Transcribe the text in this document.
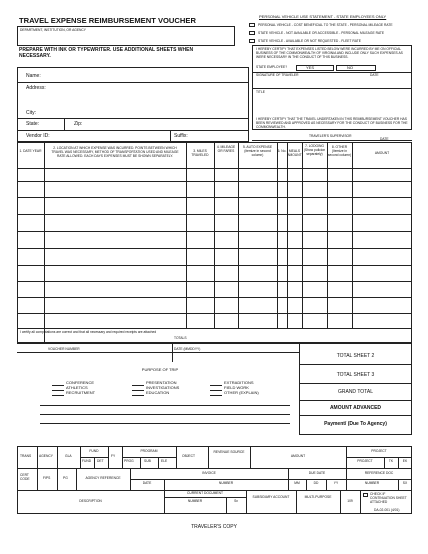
TRAVEL EXPENSE REIMBURSEMENT VOUCHER
DEPARTMENT, INSTITUTION, OR AGENCY
PREPARE WITH INK OR TYPEWRITER. USE ADDITIONAL SHEETS WHEN NECESSARY.
PERSONAL VEHICLE USE STATEMENT - STATE EMPLOYEES ONLY
PERSONAL VEHICLE - COST BENEFICIAL TO THE STATE - PERSONAL MILEAGE RATE
STATE VEHICLE - NOT AVAILABLE OR ACCESSIBLE - PERSONAL MILEAGE RATE
STATE VEHICLE - AVAILABLE OR NOT REQUESTED - FLEET RATE
I HEREBY CERTIFY THAT EXPENSES LISTED BELOW WERE INCURRED BY ME ON OFFICIAL BUSINESS OF THE COMMONWEALTH OF VIRGINIA AND INCLUDE ONLY SUCH EXPENSES AS WERE NECESSARY IN THE CONDUCT OF THIS BUSINESS.
STATE EMPLOYEE?	YES	NO
SIGNATURE OF TRAVELER	DATE
TITLE
Name:
Address:
City:
State:	Zip:
Vendor ID:	Suffix:
I HEREBY CERTIFY THAT THE TRAVEL UNDERTAKEN IN THIS REIMBURSEMENT VOUCHER HAS BEEN REVIEWED AND APPROVED AS NECESSARY FOR THE CONDUCT OF BUSINESS FOR THE COMMONWEALTH.
TRAVELER'S SUPERVISOR
DATE
1. DATE YEAR
2. LOCATION AT WHICH EXPENSE WAS INCURRED. POINTS BETWEEN WHICH TRAVEL WAS NECESSARY, METHOD OF TRANSPORTATION USED AND MILEAGE RATE ALLOWED. EACH DAYS EXPENSES MUST BE SHOWN SEPARATELY.
3. MILES TRAVELED
4. MILEAGE OR FARES
5. AUTO EXPENSE (itemize in second column)
6. No. MEALS AMOUNT
7. LODGING (Show pulicion separately)
8. OTHER (Itemize in second column)	AMOUNT
I certify all computations are correct and that all necessary and required receipts are attached
TOTALS
VOUCHER NUMBER	DATE (MMDDYY)
TOTAL SHEET 2
TOTAL SHEET 3
GRAND TOTAL
AMOUNT ADVANCED
Payment/ (Due To Agency)
PURPOSE OF TRIP
CONFERENCE
ATHLETICS
RECRUITMENT
PRESENTATION
INVESTIGATIONS
EDUCATION
EXTRADITIONS
FIELD WORK
OTHER (EXPLAIN)
TRANS AGENCY	GLA
FUND
FUND DET
FY
PROGRAM
PROG	SUB	ELE
OBJECT
REVENUE SOURCE
AMOUNT
PROJECT
PROJECT	TK	EK
CERT CODE	FIPS	PG	AGENCY REFERENCE
INVOICE
DATE	NUMBER
DUE DATE
MM	DD	YY
REFERENCE DOC
NUMBER	SX
DESCRIPTION
CURRENT DOCUMENT
NUMBER	Sx
SUBSIDIARY ACCOUNT	MULTI-PURPOSE
109
CHECK IF CONTINUATION SHEET ATTACHED
DA-02-001 (4/01)
TRAVELER'S COPY
